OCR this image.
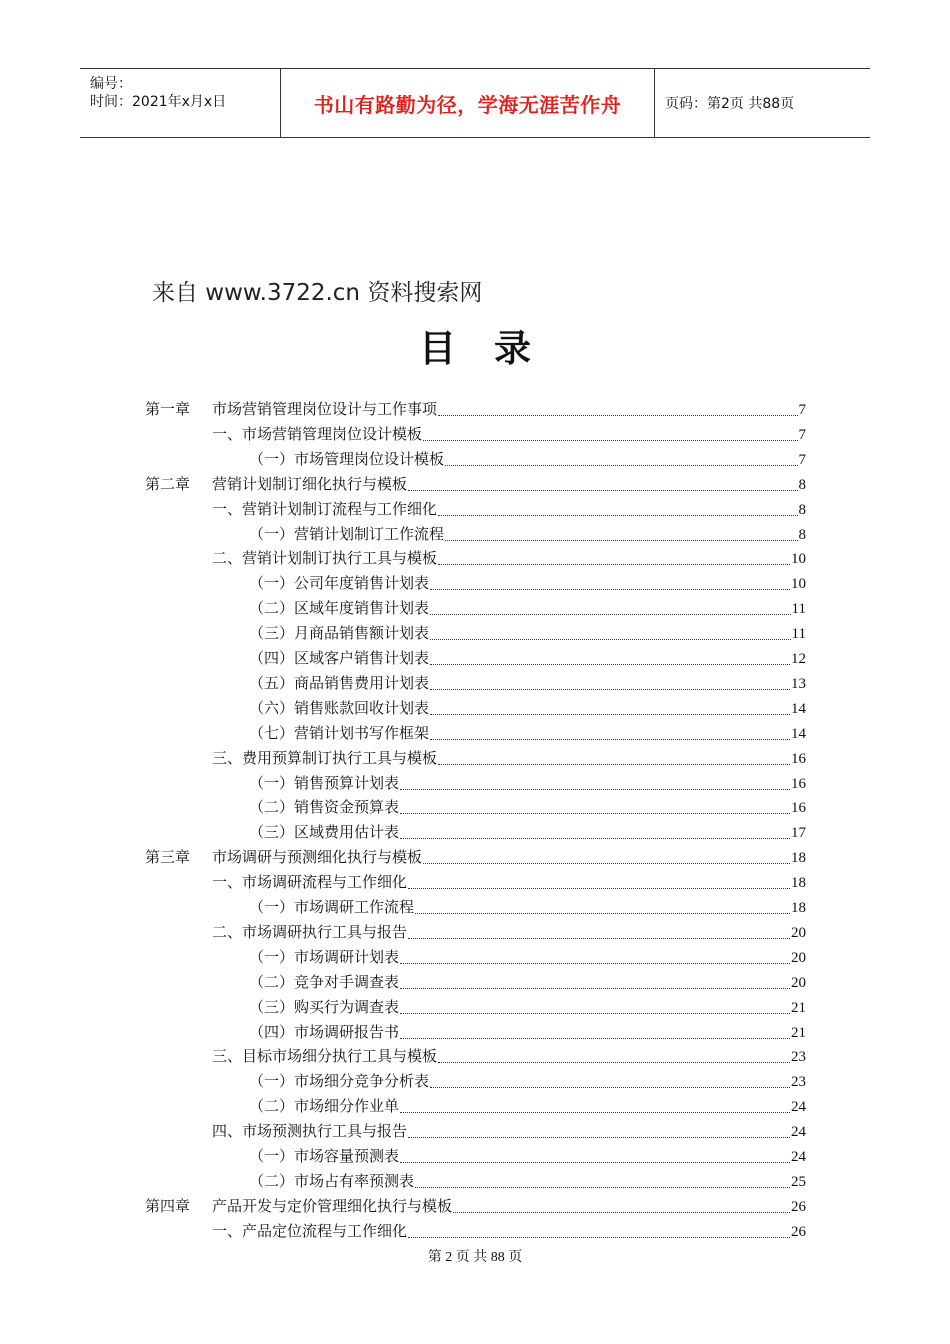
编号：
时间：2021年x月x日	书山有路勤为径，学海无涯苦作舟	页码：第2页 共88页
来自 www.3722.cn 资料搜索网
目录
第一章	市场营销管理岗位设计与工作事项	7
一、市场营销管理岗位设计模板	7
（一）市场管理岗位设计模板	7
第二章	营销计划制订细化执行与模板	8
一、营销计划制订流程与工作细化	8
（一）营销计划制订工作流程	8
二、营销计划制订执行工具与模板	10
（一）公司年度销售计划表	10
（二）区域年度销售计划表	11
（三）月商品销售额计划表	11
（四）区域客户销售计划表	12
（五）商品销售费用计划表	13
（六）销售账款回收计划表	14
（七）营销计划书写作框架	14
三、费用预算制订执行工具与模板	16
（一）销售预算计划表	16
（二）销售资金预算表	16
（三）区域费用估计表	17
第三章	市场调研与预测细化执行与模板	18
一、市场调研流程与工作细化	18
（一）市场调研工作流程	18
二、市场调研执行工具与报告	20
（一）市场调研计划表	20
（二）竞争对手调查表	20
（三）购买行为调查表	21
（四）市场调研报告书	21
三、目标市场细分执行工具与模板	23
（一）市场细分竞争分析表	23
（二）市场细分作业单	24
四、市场预测执行工具与报告	24
（一）市场容量预测表	24
（二）市场占有率预测表	25
第四章	产品开发与定价管理细化执行与模板	26
一、产品定位流程与工作细化	26
第 2 页 共 88 页
